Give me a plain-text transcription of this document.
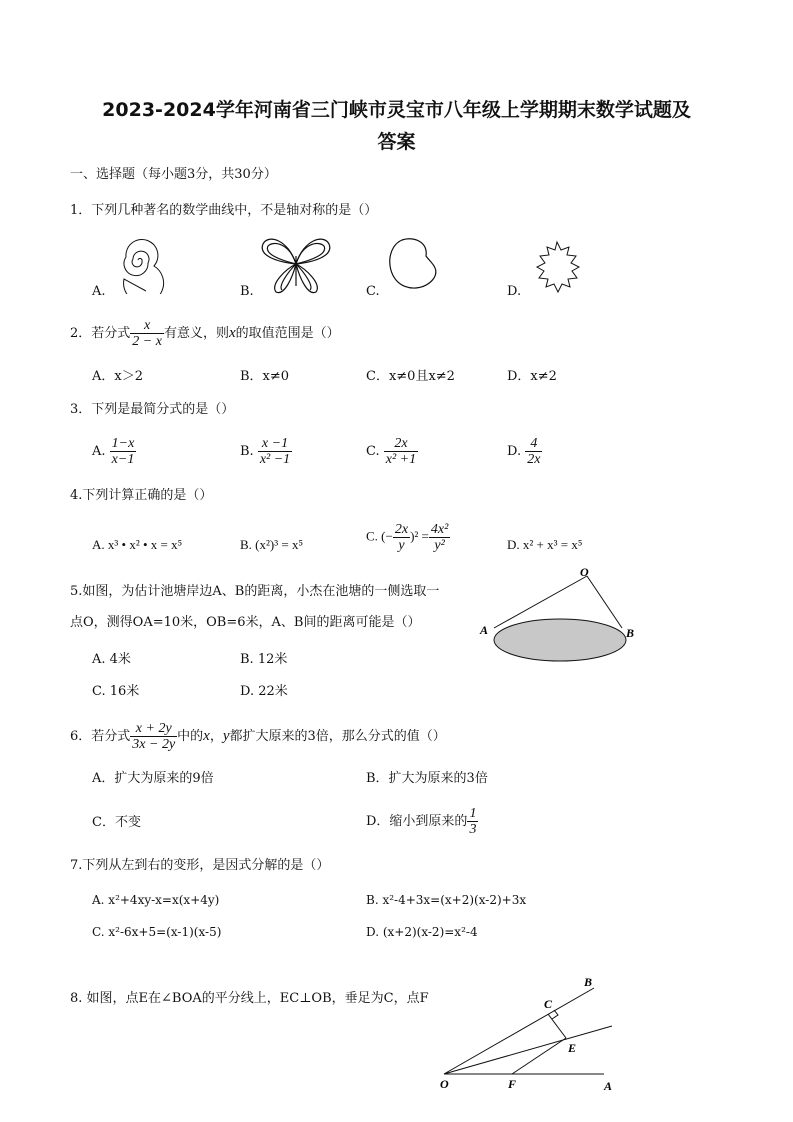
2023-2024学年河南省三门峡市灵宝市八年级上学期期末数学试题及
答案
一、选择题（每小题3分，共30分）
1．下列几种著名的数学曲线中，不是轴对称的是（）
A.	B.	C.	D.
2．若分式 $\frac{x}{2 - x}$ 有意义，则x的取值范围是（）
A．x＞2	B．x≠0	C．x≠0且x≠2	D．x≠2
3．下列是最简分式的是（）
A. $\frac{1-x}{x-1}$	B. $\frac{x -1}{\text{x² −1}}$	C. $\frac{2x}{\text{x² +1}}$	D. $\frac{4}{2x}$
4.下列计算正确的是（）
A. x³ • x² • x = x⁵	B. (x²)³ = x⁵
C. (− $\frac{2x}{y} )^2 = \frac{\text{4x²}}{\text{y²}}$	D. x² + x³ = x⁵
5.如图，为估计池塘岸边A、B的距离，小杰在池塘的一侧选取一
点O，测得OA=10米，OB=6米，A、B间的距离可能是（）
A. 4米	B. 12米
C. 16米	D. 22米
O
A	B
6．若分式 $\frac{x + 2y}{3x - 2y}$ 中的x，y都扩大原来的3倍，那么分式的值（）
A．扩大为原来的9倍	B．扩大为原来的3倍
C．不变	D．缩小到原来的 $\frac{1}{3}$
7.下列从左到右的变形，是因式分解的是（）
A. x²+4xy-x=x(x+4y)	B. x²-4+3x=(x+2)(x-2)+3x
C. x²-6x+5=(x-1)(x-5)	D. (x+2)(x-2)=x²-4
8. 如图，点E在∠BOA的平分线上，EC⊥OB，垂足为C，点F
B
C
E
O	F	A
